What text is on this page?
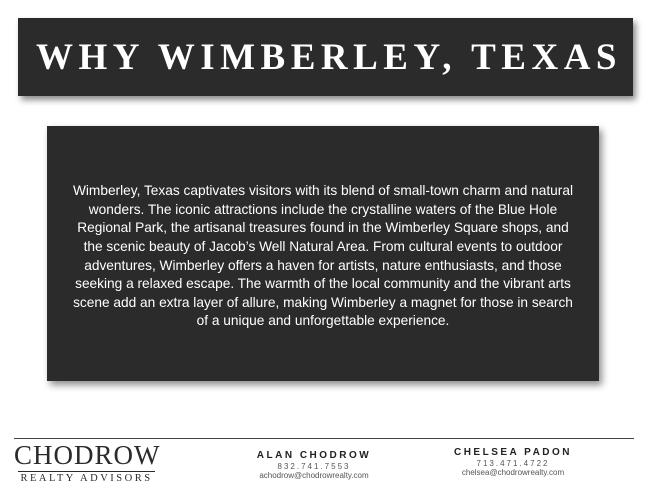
WHY WIMBERLEY, TEXAS
Wimberley, Texas captivates visitors with its blend of small-town charm and natural wonders. The iconic attractions include the crystalline waters of the Blue Hole Regional Park, the artisanal treasures found in the Wimberley Square shops, and the scenic beauty of Jacob’s Well Natural Area. From cultural events to outdoor adventures, Wimberley offers a haven for artists, nature enthusiasts, and those seeking a relaxed escape. The warmth of the local community and the vibrant arts scene add an extra layer of allure, making Wimberley a magnet for those in search of a unique and unforgettable experience.
CHODROW
REALTY ADVISORS
ALAN CHODROW
832.741.7553
achodrow@chodrowrealty.com
CHELSEA PADON
713.471.4722
chelsea@chodrowrealty.com
